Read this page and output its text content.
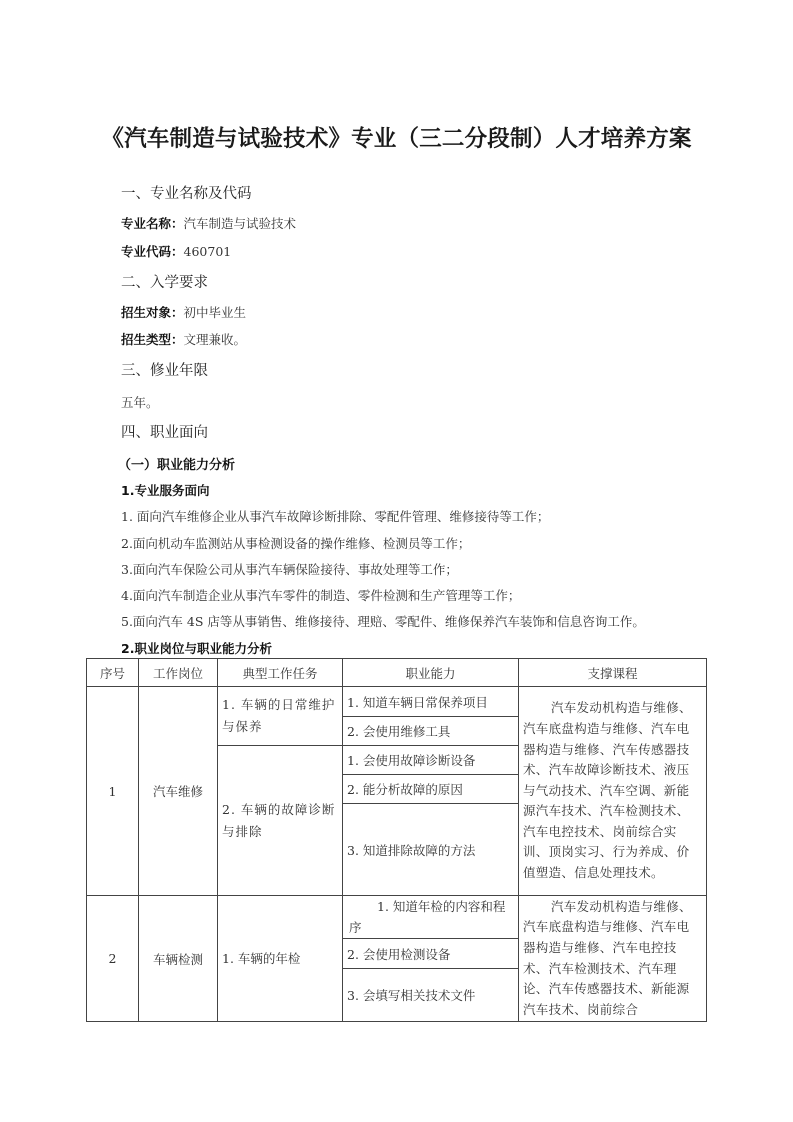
《汽车制造与试验技术》专业（三二分段制）人才培养方案
一、专业名称及代码
专业名称：汽车制造与试验技术
专业代码：460701
二、入学要求
招生对象：初中毕业生
招生类型：文理兼收。
三、修业年限
五年。
四、职业面向
（一）职业能力分析
1.专业服务面向
1. 面向汽车维修企业从事汽车故障诊断排除、零配件管理、维修接待等工作；
2.面向机动车监测站从事检测设备的操作维修、检测员等工作；
3.面向汽车保险公司从事汽车辆保险接待、事故处理等工作；
4.面向汽车制造企业从事汽车零件的制造、零件检测和生产管理等工作；
5.面向汽车 4S 店等从事销售、维修接待、理赔、零配件、维修保养汽车装饰和信息咨询工作。
2.职业岗位与职业能力分析
序号	工作岗位	典型工作任务	职业能力	支撑课程
1	汽车维修	1. 车辆的日常维护与保养	1. 知道车辆日常保养项目	汽车发动机构造与维修、汽车底盘构造与维修、汽车电器构造与维修、汽车传感器技术、汽车故障诊断技术、液压与气动技术、汽车空调、新能源汽车技术、汽车检测技术、汽车电控技术、岗前综合实训、顶岗实习、行为养成、价值塑造、信息处理技术。
			2. 会使用维修工具	
		2. 车辆的故障诊断与排除	1. 会使用故障诊断设备	
			2. 能分析故障的原因	
			3. 知道排除故障的方法	
2	车辆检测	1. 车辆的年检	1. 知道年检的内容和程序	汽车发动机构造与维修、汽车底盘构造与维修、汽车电器构造与维修、汽车电控技术、汽车检测技术、汽车理论、汽车传感器技术、新能源汽车技术、岗前综合
			2. 会使用检测设备	
			3. 会填写相关技术文件	
